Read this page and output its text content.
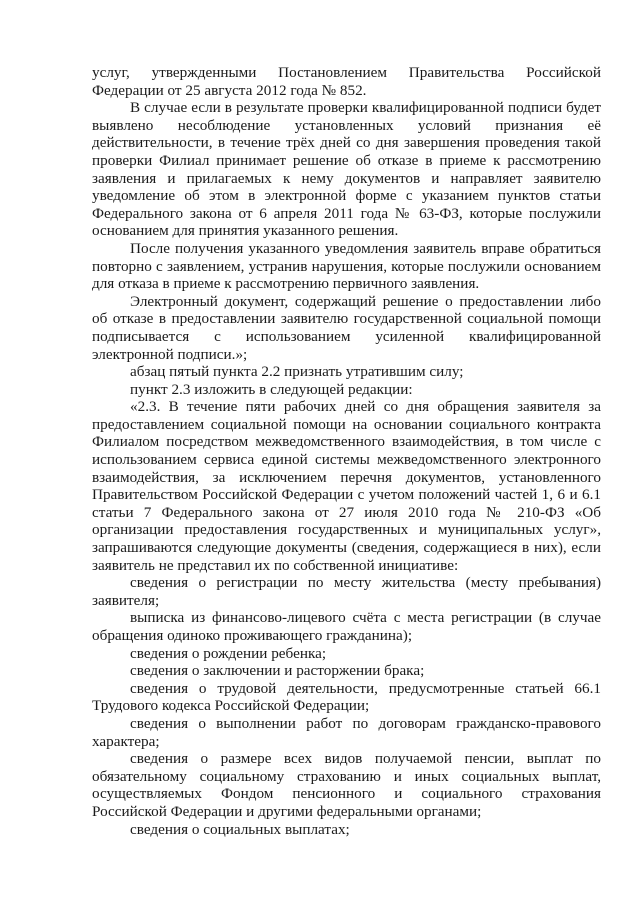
услуг, утвержденными Постановлением Правительства Российской Федерации от 25 августа 2012 года № 852.

В случае если в результате проверки квалифицированной подписи будет выявлено несоблюдение установленных условий признания её действительности, в течение трёх дней со дня завершения проведения такой проверки Филиал принимает решение об отказе в приеме к рассмотрению заявления и прилагаемых к нему документов и направляет заявителю уведомление об этом в электронной форме с указанием пунктов статьи Федерального закона от 6 апреля 2011 года № 63-ФЗ, которые послужили основанием для принятия указанного решения.

После получения указанного уведомления заявитель вправе обратиться повторно с заявлением, устранив нарушения, которые послужили основанием для отказа в приеме к рассмотрению первичного заявления.

Электронный документ, содержащий решение о предоставлении либо об отказе в предоставлении заявителю государственной социальной помощи подписывается с использованием усиленной квалифицированной электронной подписи.»;

абзац пятый пункта 2.2 признать утратившим силу;

пункт 2.3 изложить в следующей редакции:

«2.3. В течение пяти рабочих дней со дня обращения заявителя за предоставлением социальной помощи на основании социального контракта Филиалом посредством межведомственного взаимодействия, в том числе с использованием сервиса единой системы межведомственного электронного взаимодействия, за исключением перечня документов, установленного Правительством Российской Федерации с учетом положений частей 1, 6 и 6.1 статьи 7 Федерального закона от 27 июля 2010 года № 210-ФЗ «Об организации предоставления государственных и муниципальных услуг», запрашиваются следующие документы (сведения, содержащиеся в них), если заявитель не представил их по собственной инициативе:

сведения о регистрации по месту жительства (месту пребывания) заявителя;

выписка из финансово-лицевого счёта с места регистрации (в случае обращения одиноко проживающего гражданина);

сведения о рождении ребенка;

сведения о заключении и расторжении брака;

сведения о трудовой деятельности, предусмотренные статьей 66.1 Трудового кодекса Российской Федерации;

сведения о выполнении работ по договорам гражданско-правового характера;

сведения о размере всех видов получаемой пенсии, выплат по обязательному социальному страхованию и иных социальных выплат, осуществляемых Фондом пенсионного и социального страхования Российской Федерации и другими федеральными органами;

сведения о социальных выплатах;
